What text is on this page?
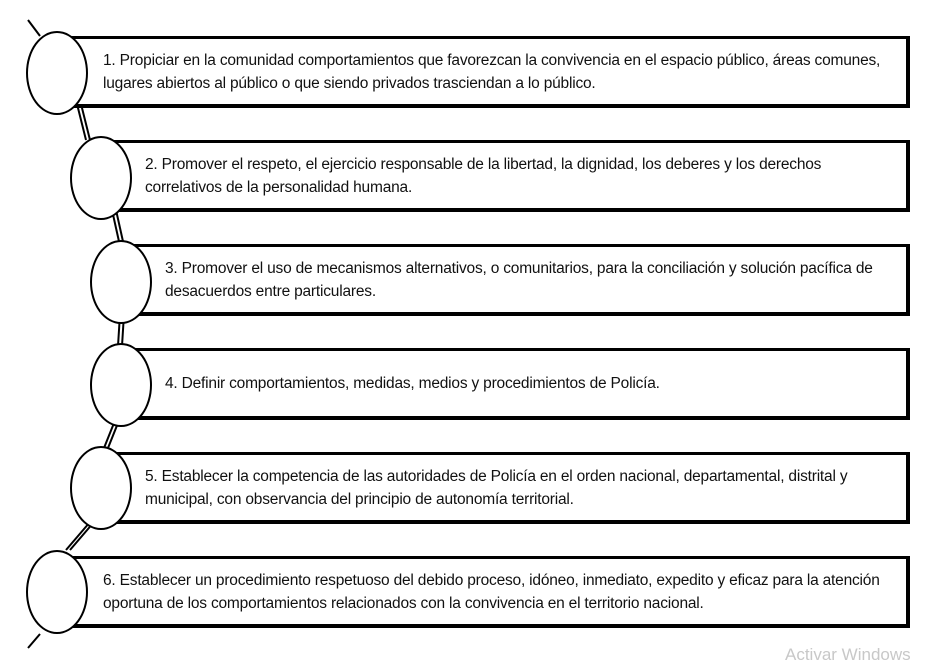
1. Propiciar en la comunidad comportamientos que favorezcan la convivencia en el espacio público, áreas comunes, lugares abiertos al público o que siendo privados trasciendan a lo público.
2. Promover el respeto, el ejercicio responsable de la libertad, la dignidad, los deberes y los derechos correlativos de la personalidad humana.
3. Promover el uso de mecanismos alternativos, o comunitarios, para la conciliación y solución pacífica de desacuerdos entre particulares.
4. Definir comportamientos, medidas, medios y procedimientos de Policía.
5. Establecer la competencia de las autoridades de Policía en el orden nacional, departamental, distrital y municipal, con observancia del principio de autonomía territorial.
6. Establecer un procedimiento respetuoso del debido proceso, idóneo, inmediato, expedito y eficaz para la atención oportuna de los comportamientos relacionados con la convivencia en el territorio nacional.
Activar Windows
